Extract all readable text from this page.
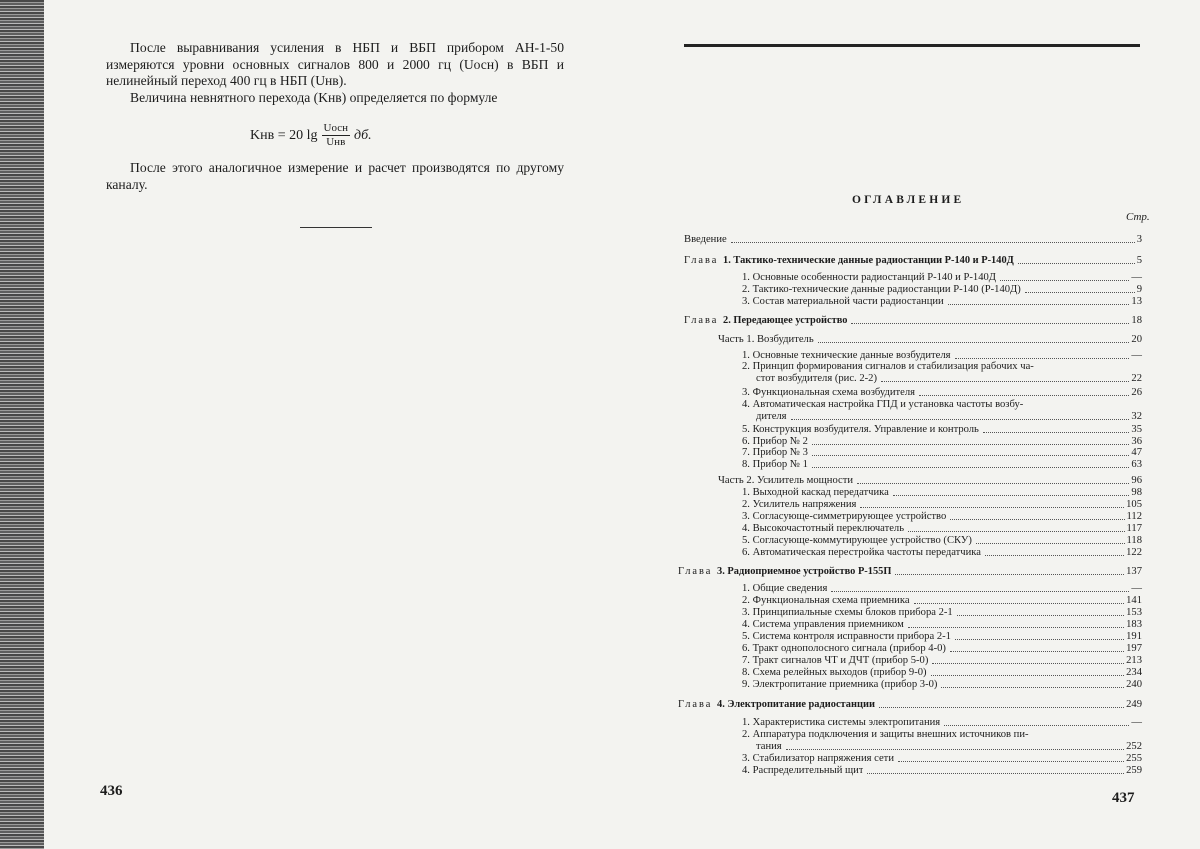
После выравнивания усиления в НБП и ВБП прибором АН-1-50 измеряются уровни основных сигналов 800 и 2000 гц (Uосн) в ВБП и нелинейный переход 400 гц в НБП (Uнв).

Величина невнятного перехода (Kнв) определяется по формуле

Kнв = 20 $\lg \frac{\text{Uосн}}{\text{Uнв}}$ дб.

После этого аналогичное измерение и расчет производятся по другому каналу.

436
ОГЛАВЛЕНИЕ
Стр.
Введение	3
Глава 1. Тактико-технические данные радиостанции Р-140 и Р-140Д	5
1. Основные особенности радиостанций Р-140 и Р-140Д	—
2. Тактико-технические данные радиостанции Р-140 (Р-140Д)	9
3. Состав материальной части радиостанции	13
Глава 2. Передающее устройство	18
Часть 1. Возбудитель	20
1. Основные технические данные возбудителя	—
2. Принцип формирования сигналов и стабилизация рабочих ча-
стот возбудителя (рис. 2-2)	22
3. Функциональная схема возбудителя	26
4. Автоматическая настройка ГПД и установка частоты возбу-
дителя	32
5. Конструкция возбудителя. Управление и контроль	35
6. Прибор № 2	36
7. Прибор № 3	47
8. Прибор № 1	63
Часть 2. Усилитель мощности	96
1. Выходной каскад передатчика	98
2. Усилитель напряжения	105
3. Согласующе-симметрирующее устройство	112
4. Высокочастотный переключатель	117
5. Согласующе-коммутирующее устройство (СКУ)	118
6. Автоматическая перестройка частоты передатчика	122
Глава 3. Радиоприемное устройство Р-155П	137
1. Общие сведения	—
2. Функциональная схема приемника	141
3. Принципиальные схемы блоков прибора 2-1	153
4. Система управления приемником	183
5. Система контроля исправности прибора 2-1	191
6. Тракт однополосного сигнала (прибор 4-0)	197
7. Тракт сигналов ЧТ и ДЧТ (прибор 5-0)	213
8. Схема релейных выходов (прибор 9-0)	234
9. Электропитание приемника (прибор 3-0)	240
Глава 4. Электропитание радиостанции	249
1. Характеристика системы электропитания	—
2. Аппаратура подключения и защиты внешних источников пи-
тания	252
3. Стабилизатор напряжения сети	255
4. Распределительный щит	259
437
